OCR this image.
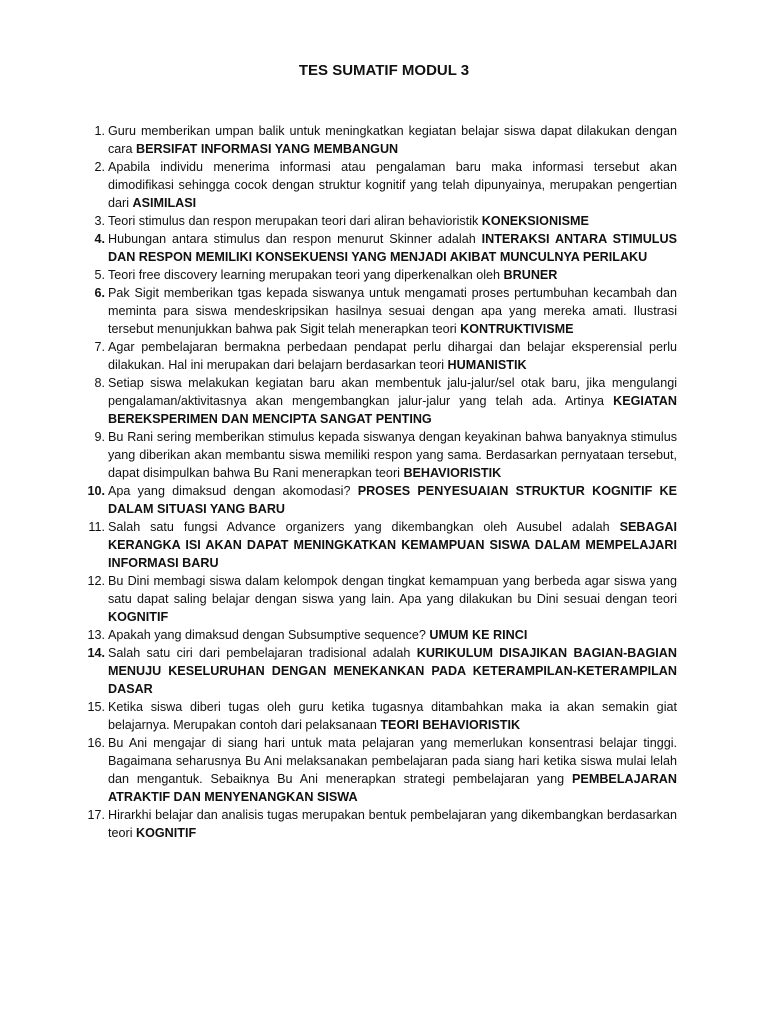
TES SUMATIF MODUL 3
1. Guru memberikan umpan balik untuk meningkatkan kegiatan belajar siswa dapat dilakukan dengan cara BERSIFAT INFORMASI YANG MEMBANGUN
2. Apabila individu menerima informasi atau pengalaman baru maka informasi tersebut akan dimodifikasi sehingga cocok dengan struktur kognitif yang telah dipunyainya, merupakan pengertian dari ASIMILASI
3. Teori stimulus dan respon merupakan teori dari aliran behavioristik KONEKSIONISME
4. Hubungan antara stimulus dan respon menurut Skinner adalah INTERAKSI ANTARA STIMULUS DAN RESPON MEMILIKI KONSEKUENSI YANG MENJADI AKIBAT MUNCULNYA PERILAKU
5. Teori free discovery learning merupakan teori yang diperkenalkan oleh BRUNER
6. Pak Sigit memberikan tgas kepada siswanya untuk mengamati proses pertumbuhan kecambah dan meminta para siswa mendeskripsikan hasilnya sesuai dengan apa yang mereka amati. Ilustrasi tersebut menunjukkan bahwa pak Sigit telah menerapkan teori KONTRUKTIVISME
7. Agar pembelajaran bermakna perbedaan pendapat perlu dihargai dan belajar eksperensial perlu dilakukan. Hal ini merupakan dari belajarn berdasarkan teori HUMANISTIK
8. Setiap siswa melakukan kegiatan baru akan membentuk jalu-jalur/sel otak baru, jika mengulangi pengalaman/aktivitasnya akan mengembangkan jalur-jalur yang telah ada. Artinya KEGIATAN BEREKSPERIMEN DAN MENCIPTA SANGAT PENTING
9. Bu Rani sering memberikan stimulus kepada siswanya dengan keyakinan bahwa banyaknya stimulus yang diberikan akan membantu siswa memiliki respon yang sama. Berdasarkan pernyataan tersebut, dapat disimpulkan bahwa Bu Rani menerapkan teori BEHAVIORISTIK
10. Apa yang dimaksud dengan akomodasi? PROSES PENYESUAIAN STRUKTUR KOGNITIF KE DALAM SITUASI YANG BARU
11. Salah satu fungsi Advance organizers yang dikembangkan oleh Ausubel adalah SEBAGAI KERANGKA ISI AKAN DAPAT MENINGKATKAN KEMAMPUAN SISWA DALAM MEMPELAJARI INFORMASI BARU
12. Bu Dini membagi siswa dalam kelompok dengan tingkat kemampuan yang berbeda agar siswa yang satu dapat saling belajar dengan siswa yang lain. Apa yang dilakukan bu Dini sesuai dengan teori KOGNITIF
13. Apakah yang dimaksud dengan Subsumptive sequence? UMUM KE RINCI
14. Salah satu ciri dari pembelajaran tradisional adalah KURIKULUM DISAJIKAN BAGIAN-BAGIAN MENUJU KESELURUHAN DENGAN MENEKANKAN PADA KETERAMPILAN-KETERAMPILAN DASAR
15. Ketika siswa diberi tugas oleh guru ketika tugasnya ditambahkan maka ia akan semakin giat belajarnya. Merupakan contoh dari pelaksanaan TEORI BEHAVIORISTIK
16. Bu Ani mengajar di siang hari untuk mata pelajaran yang memerlukan konsentrasi belajar tinggi. Bagaimana seharusnya Bu Ani melaksanakan pembelajaran pada siang hari ketika siswa mulai lelah dan mengantuk. Sebaiknya Bu Ani menerapkan strategi pembelajaran yang PEMBELAJARAN ATRAKTIF DAN MENYENANGKAN SISWA
17. Hirarkhi belajar dan analisis tugas merupakan bentuk pembelajaran yang dikembangkan berdasarkan teori KOGNITIF
